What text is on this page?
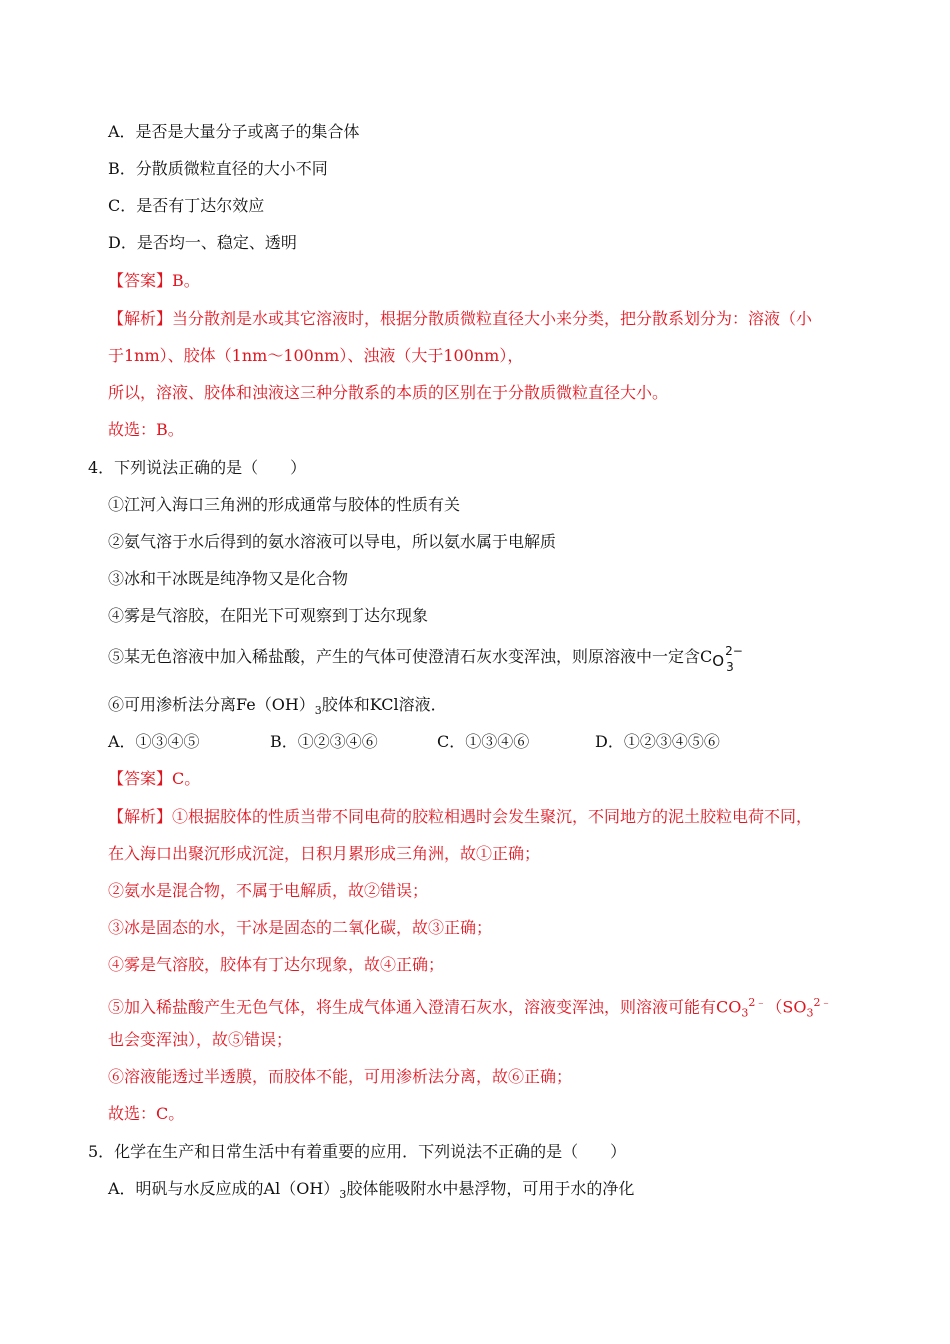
A．是否是大量分子或离子的集合体
B．分散质微粒直径的大小不同
C．是否有丁达尔效应
D．是否均一、稳定、透明
【答案】B。
【解析】当分散剂是水或其它溶液时，根据分散质微粒直径大小来分类，把分散系划分为：溶液（小
于1nm）、胶体（1nm～100nm）、浊液（大于100nm），
所以，溶液、胶体和浊液这三种分散系的本质的区别在于分散质微粒直径大小。
故选：B。
4．下列说法正确的是（　　）
①江河入海口三角洲的形成通常与胶体的性质有关
②氨气溶于水后得到的氨水溶液可以导电，所以氨水属于电解质
③冰和干冰既是纯净物又是化合物
④雾是气溶胶，在阳光下可观察到丁达尔现象
⑤某无色溶液中加入稀盐酸，产生的气体可使澄清石灰水变浑浊，则原溶液中一定含CO
2−
3
⑥可用渗析法分离$Fe(OH)_3$胶体和KCl溶液．
A．①③④⑤	B．①②③④⑥	C．①③④⑥	D．①②③④⑤⑥
【答案】C。
【解析】①根据胶体的性质当带不同电荷的胶粒相遇时会发生聚沉，不同地方的泥土胶粒电荷不同，
在入海口出聚沉形成沉淀，日积月累形成三角洲，故①正确；
②氨水是混合物，不属于电解质，故②错误；
③冰是固态的水，干冰是固态的二氧化碳，故③正确；
④雾是气溶胶，胶体有丁达尔现象，故④正确；
⑤加入稀盐酸产生无色气体，将生成气体通入澄清石灰水，溶液变浑浊，则溶液可能有$CO_3^{2﹣}(SO_3^{2﹣}$
也会变浑浊），故⑤错误；
⑥溶液能透过半透膜，而胶体不能，可用渗析法分离，故⑥正确；
故选：C。
5．化学在生产和日常生活中有着重要的应用．下列说法不正确的是（　　）
A．明矾与水反应成的$Al(OH)_3$胶体能吸附水中悬浮物，可用于水的净化
